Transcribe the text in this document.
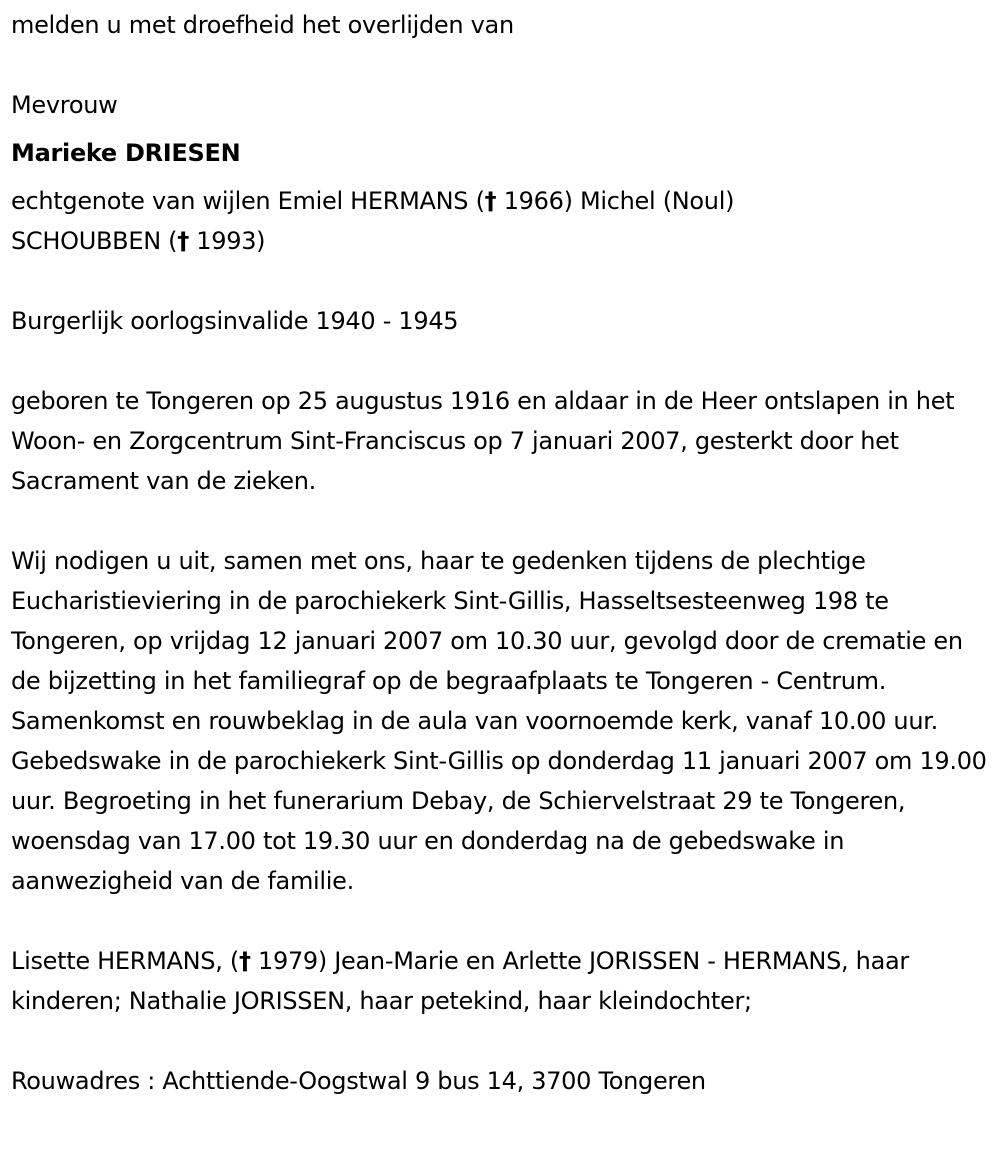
melden u met droefheid het overlijden van

Mevrouw

Marieke DRIESEN

echtgenote van wijlen Emiel HERMANS († 1966) Michel (Noul)
SCHOUBBEN († 1993)

Burgerlijk oorlogsinvalide 1940 - 1945

geboren te Tongeren op 25 augustus 1916 en aldaar in de Heer ontslapen in het Woon- en Zorgcentrum Sint-Franciscus op 7 januari 2007, gesterkt door het Sacrament van de zieken.

Wij nodigen u uit, samen met ons, haar te gedenken tijdens de plechtige Eucharistieviering in de parochiekerk Sint-Gillis, Hasseltsesteenweg 198 te Tongeren, op vrijdag 12 januari 2007 om 10.30 uur, gevolgd door de crematie en de bijzetting in het familiegraf op de begraafplaats te Tongeren - Centrum. Samenkomst en rouwbeklag in de aula van voornoemde kerk, vanaf 10.00 uur. Gebedswake in de parochiekerk Sint-Gillis op donderdag 11 januari 2007 om 19.00 uur. Begroeting in het funerarium Debay, de Schiervelstraat 29 te Tongeren, woensdag van 17.00 tot 19.30 uur en donderdag na de gebedswake in aanwezigheid van de familie.

Lisette HERMANS, († 1979) Jean-Marie en Arlette JORISSEN - HERMANS, haar kinderen; Nathalie JORISSEN, haar petekind, haar kleindochter;

Rouwadres : Achttiende-Oogstwal 9 bus 14, 3700 Tongeren
